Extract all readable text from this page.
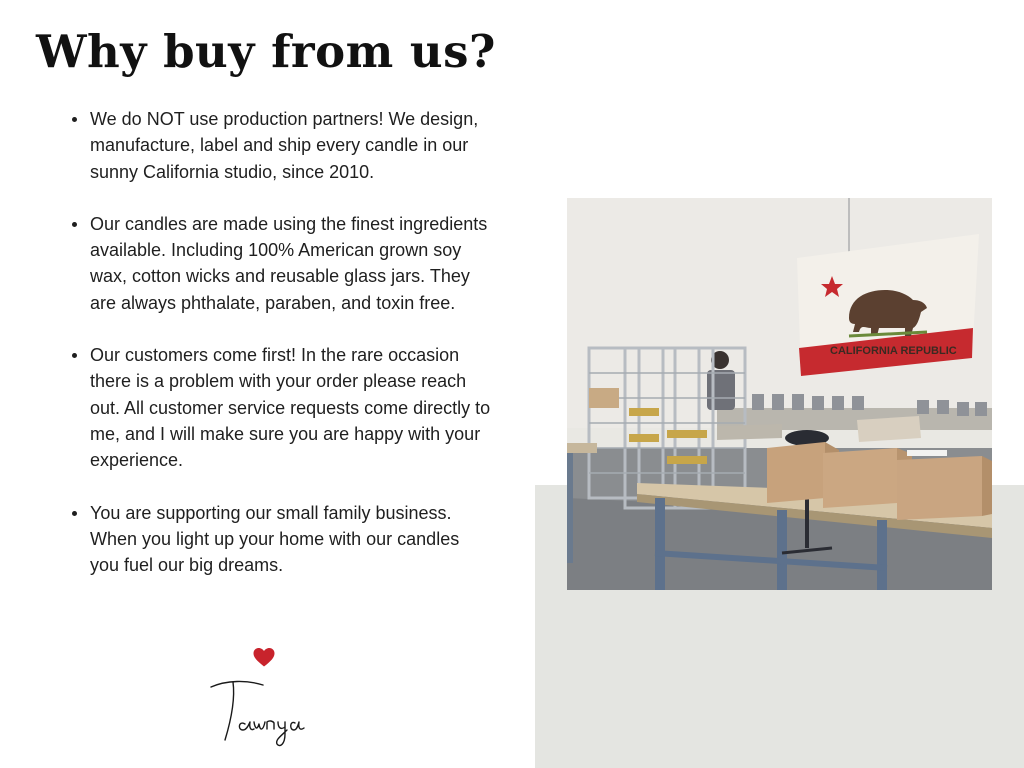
Why buy from us?
We do NOT use production partners! We design, manufacture, label and ship every candle in our sunny California studio, since 2010.
Our candles are made using the finest ingredients available. Including 100% American grown soy wax, cotton wicks and reusable glass jars. They are always phthalate, paraben, and toxin free.
Our customers come first! In the rare occasion there is a problem with your order please reach out. All customer service requests come directly to me, and I will make sure you are happy with your experience.
You are supporting our small family business. When you light up your home with our candles you fuel our big dreams.
CALIFORNIA REPUBLIC
